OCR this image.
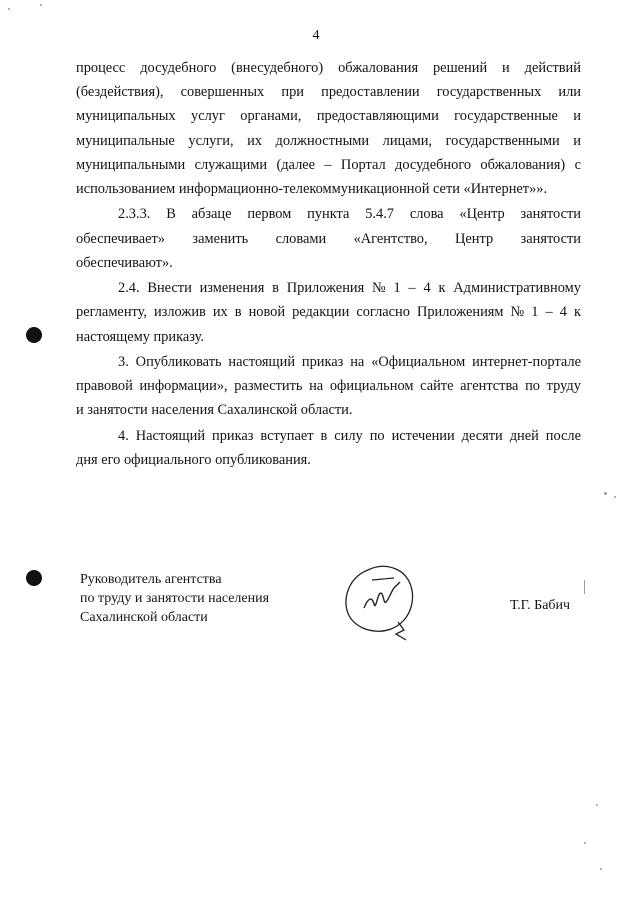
4
процесс досудебного (внесудебного) обжалования решений и действий
(бездействия), совершенных при предоставлении государственных или
муниципальных услуг органами, предоставляющими государственные и
муниципальные услуги, их должностными лицами, государственными и
муниципальными служащими (далее – Портал досудебного обжалования) с
использованием информационно-телекоммуникационной сети «Интернет»».
2.3.3. В абзаце первом пункта 5.4.7 слова «Центр занятости
обеспечивает» заменить словами «Агентство, Центр занятости
обеспечивают».
2.4. Внести изменения в Приложения № 1 – 4 к Административному
регламенту, изложив их в новой редакции согласно Приложениям № 1 – 4 к
настоящему приказу.
3. Опубликовать настоящий приказ на «Официальном интернет-портале
правовой информации», разместить на официальном сайте агентства по труду
и занятости населения Сахалинской области.
4. Настоящий приказ вступает в силу по истечении десяти дней после
дня его официального опубликования.
Руководитель агентства
по труду и занятости населения
Сахалинской области
Т.Г. Бабич
